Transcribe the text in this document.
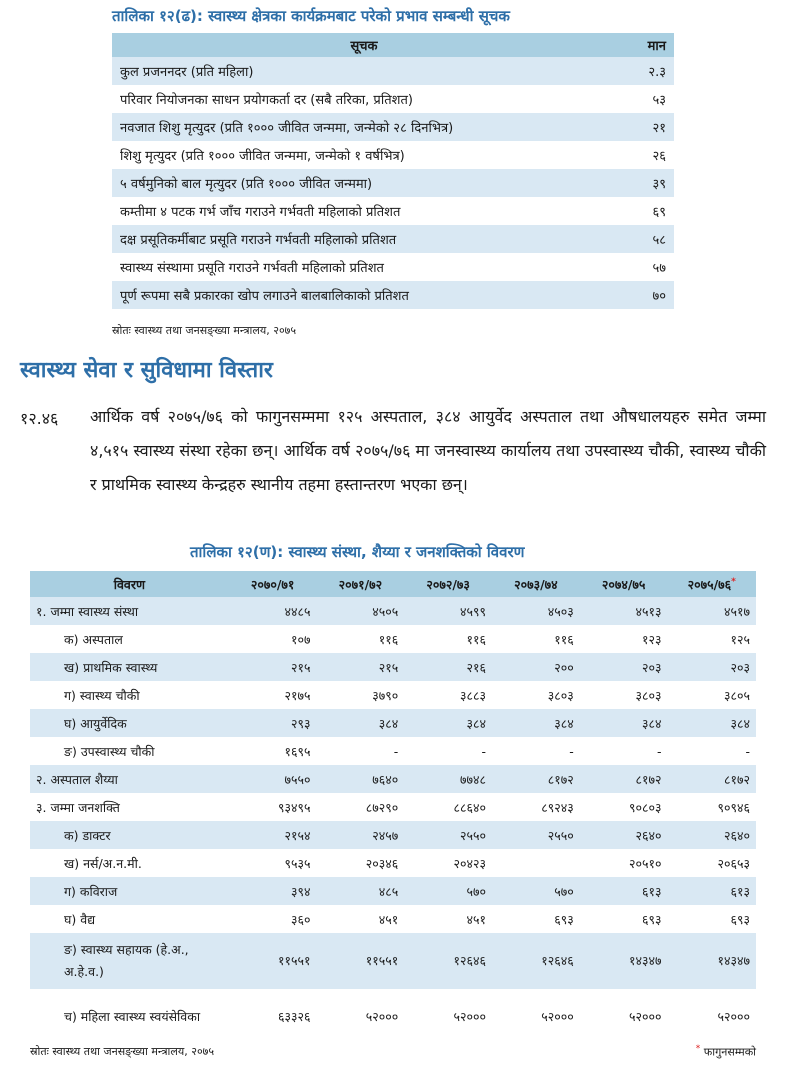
तालिका १२(ढ): स्वास्थ्य क्षेत्रका कार्यक्रमबाट परेको प्रभाव सम्बन्धी सूचक
सूचक	मान
कुल प्रजननदर (प्रति महिला)	२.३
परिवार नियोजनका साधन प्रयोगकर्ता दर (सबै तरिका, प्रतिशत)	५३
नवजात शिशु मृत्युदर (प्रति १००० जीवित जन्ममा, जन्मेको २८ दिनभित्र)	२१
शिशु मृत्युदर (प्रति १००० जीवित जन्ममा, जन्मेको १ वर्षभित्र)	२६
५ वर्षमुनिको बाल मृत्युदर (प्रति १००० जीवित जन्ममा)	३९
कम्तीमा ४ पटक गर्भ जाँच गराउने गर्भवती महिलाको प्रतिशत	६९
दक्ष प्रसूतिकर्मीबाट प्रसूति गराउने गर्भवती महिलाको प्रतिशत	५८
स्वास्थ्य संस्थामा प्रसूति गराउने गर्भवती महिलाको प्रतिशत	५७
पूर्ण रूपमा सबै प्रकारका खोप लगाउने बालबालिकाको प्रतिशत	७०
स्रोतः स्वास्थ्य तथा जनसङ्ख्या मन्त्रालय, २०७५
स्वास्थ्य सेवा र सुविधामा विस्तार
१२.४६ आर्थिक वर्ष २०७५/७६ को फागुनसम्ममा १२५ अस्पताल, ३८४ आयुर्वेद अस्पताल तथा औषधालयहरु समेत जम्मा ४,५१५ स्वास्थ्य संस्था रहेका छन्। आर्थिक वर्ष २०७५/७६ मा जनस्वास्थ्य कार्यालय तथा उपस्वास्थ्य चौकी, स्वास्थ्य चौकी र प्राथमिक स्वास्थ्य केन्द्रहरु स्थानीय तहमा हस्तान्तरण भएका छन्।
तालिका १२(ण): स्वास्थ्य संस्था, शैय्या र जनशक्तिको विवरण
विवरण	२०७०/७१	२०७१/७२	२०७२/७३	२०७३/७४	२०७४/७५	२०७५/७६*
१. जम्मा स्वास्थ्य संस्था	४४८५	४५०५	४५९९	४५०३	४५१३	४५१७
क) अस्पताल	१०७	११६	११६	११६	१२३	१२५
ख) प्राथमिक स्वास्थ्य	२१५	२१५	२१६	२००	२०३	२०३
ग) स्वास्थ्य चौकी	२१७५	३७९०	३८८३	३८०३	३८०३	३८०५
घ) आयुर्वेदिक	२९३	३८४	३८४	३८४	३८४	३८४
ङ) उपस्वास्थ्य चौकी	१६९५	-	-	-	-	-
२. अस्पताल शैय्या	७५५०	७६४०	७७४८	८१७२	८१७२	८१७२
३. जम्मा जनशक्ति	९३४९५	८७२९०	८८६४०	८९२४३	९०८०३	९०९४६
क) डाक्टर	२१५४	२४५७	२५५०	२५५०	२६४०	२६४०
ख) नर्स/अ.न.मी.	९५३५	२०३४६	२०४२३		२०५१०	२०६५३
ग) कविराज	३९४	४८५	५७०	५७०	६१३	६१३
घ) वैद्य	३६०	४५१	४५१	६९३	६९३	६९३
ङ) स्वास्थ्य सहायक (हे.अ., अ.हे.व.)	११५५१	११५५१	१२६४६	१२६४६	१४३४७	१४३४७
च) महिला स्वास्थ्य स्वयंसेविका	६३३२६	५२०००	५२०००	५२०००	५२०००	५२०००
स्रोतः स्वास्थ्य तथा जनसङ्ख्या मन्त्रालय, २०७५	* फागुनसम्मको
